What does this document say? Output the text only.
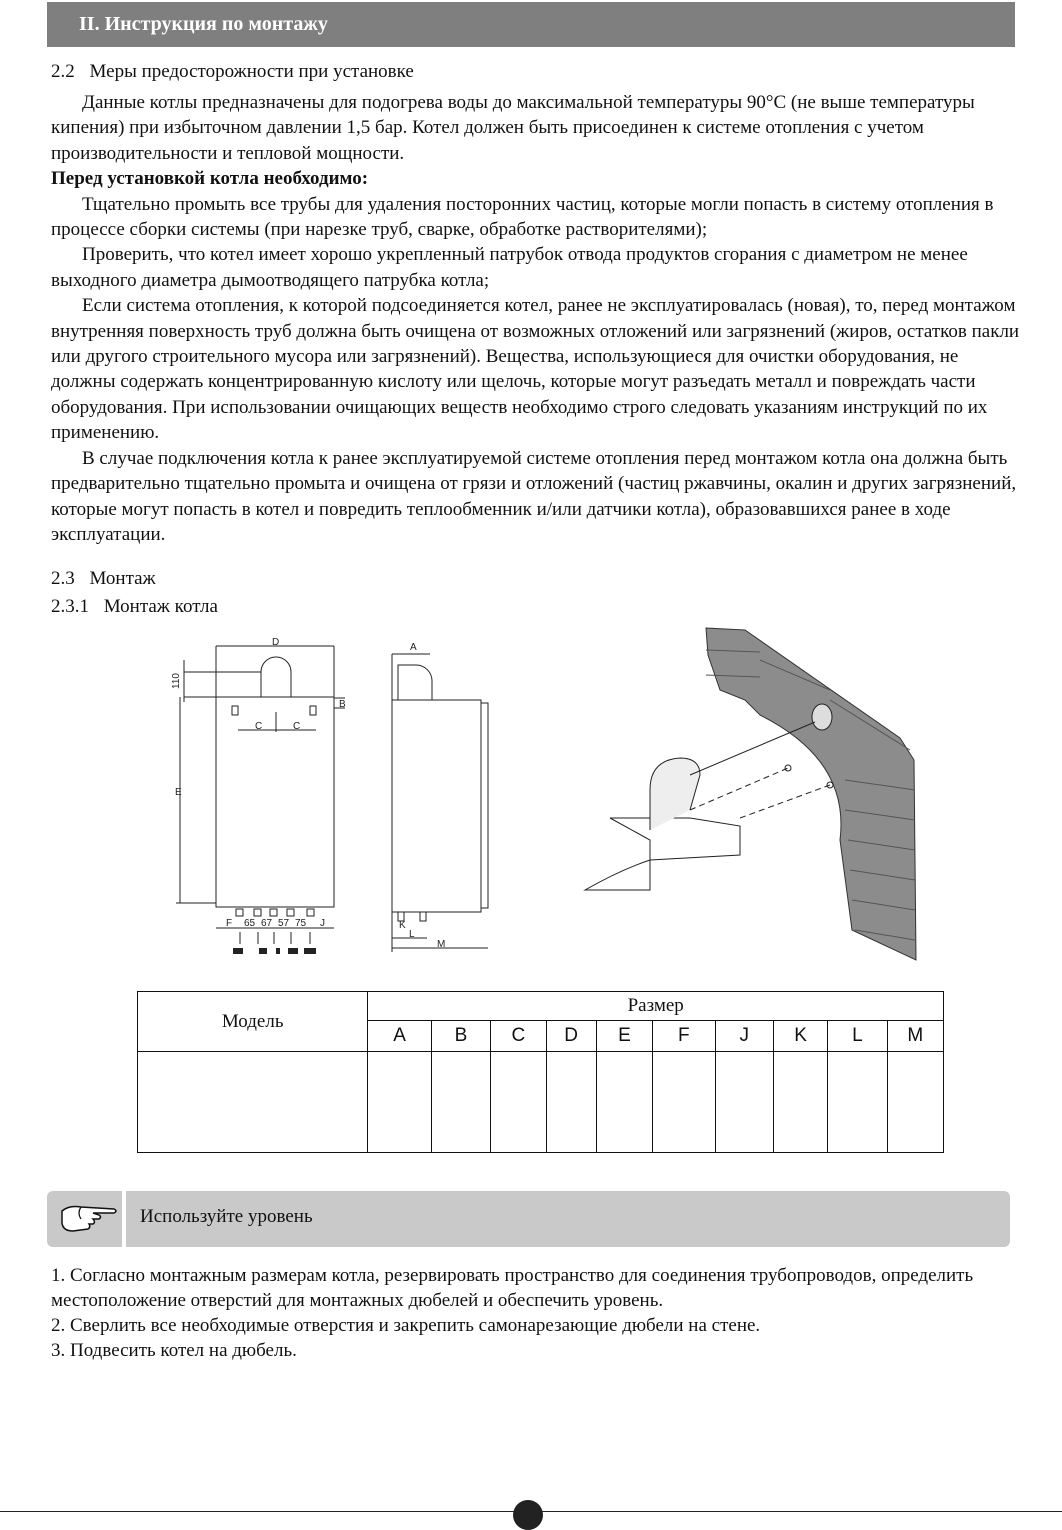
II. Инструкция по монтажу
2.2 Меры предосторожности при установке

Данные котлы предназначены для подогрева воды до максимальной температуры 90°C (не выше температуры кипения) при избыточном давлении 1,5 бар. Котел должен быть присоединен к системе отопления с учетом производительности и тепловой мощности.

Перед установкой котла необходимо:

Тщательно промыть все трубы для удаления посторонних частиц, которые могли попасть в систему отопления в процессе сборки системы (при нарезке труб, сварке, обработке растворителями);

Проверить, что котел имеет хорошо укрепленный патрубок отвода продуктов сгорания с диаметром не менее выходного диаметра дымоотводящего патрубка котла;

Если система отопления, к которой подсоединяется котел, ранее не эксплуатировалась (новая), то, перед монтажом внутренняя поверхность труб должна быть очищена от возможных отложений или загрязнений (жиров, остатков пакли или другого строительного мусора или загрязнений). Вещества, использующиеся для очистки оборудования, не должны содержать концентрированную кислоту или щелочь, которые могут разъедать металл и повреждать части оборудования. При использовании очищающих веществ необходимо строго следовать указаниям инструкций по их применению.

В случае подключения котла к ранее эксплуатируемой системе отопления перед монтажом котла она должна быть предварительно тщательно промыта и очищена от грязи и отложений (частиц ржавчины, окалин и других загрязнений, которые могут попасть в котел и повредить теплообменник и/или датчики котла), образовавшихся ранее в ходе эксплуатации.

2.3 Монтаж
2.3.1 Монтаж котла
D
110
B
C	C
E
F 65 67 57 75 J
A
K
L
M
Модель	Размер									
	A	B	C	D	E	F	J	K	L	M

Используйте уровень

1. Согласно монтажным размерам котла, резервировать пространство для соединения трубопроводов, определить местоположение отверстий для монтажных дюбелей и обеспечить уровень.

2. Сверлить все необходимые отверстия и закрепить самонарезающие дюбели на стене.

3. Подвесить котел на дюбель.
